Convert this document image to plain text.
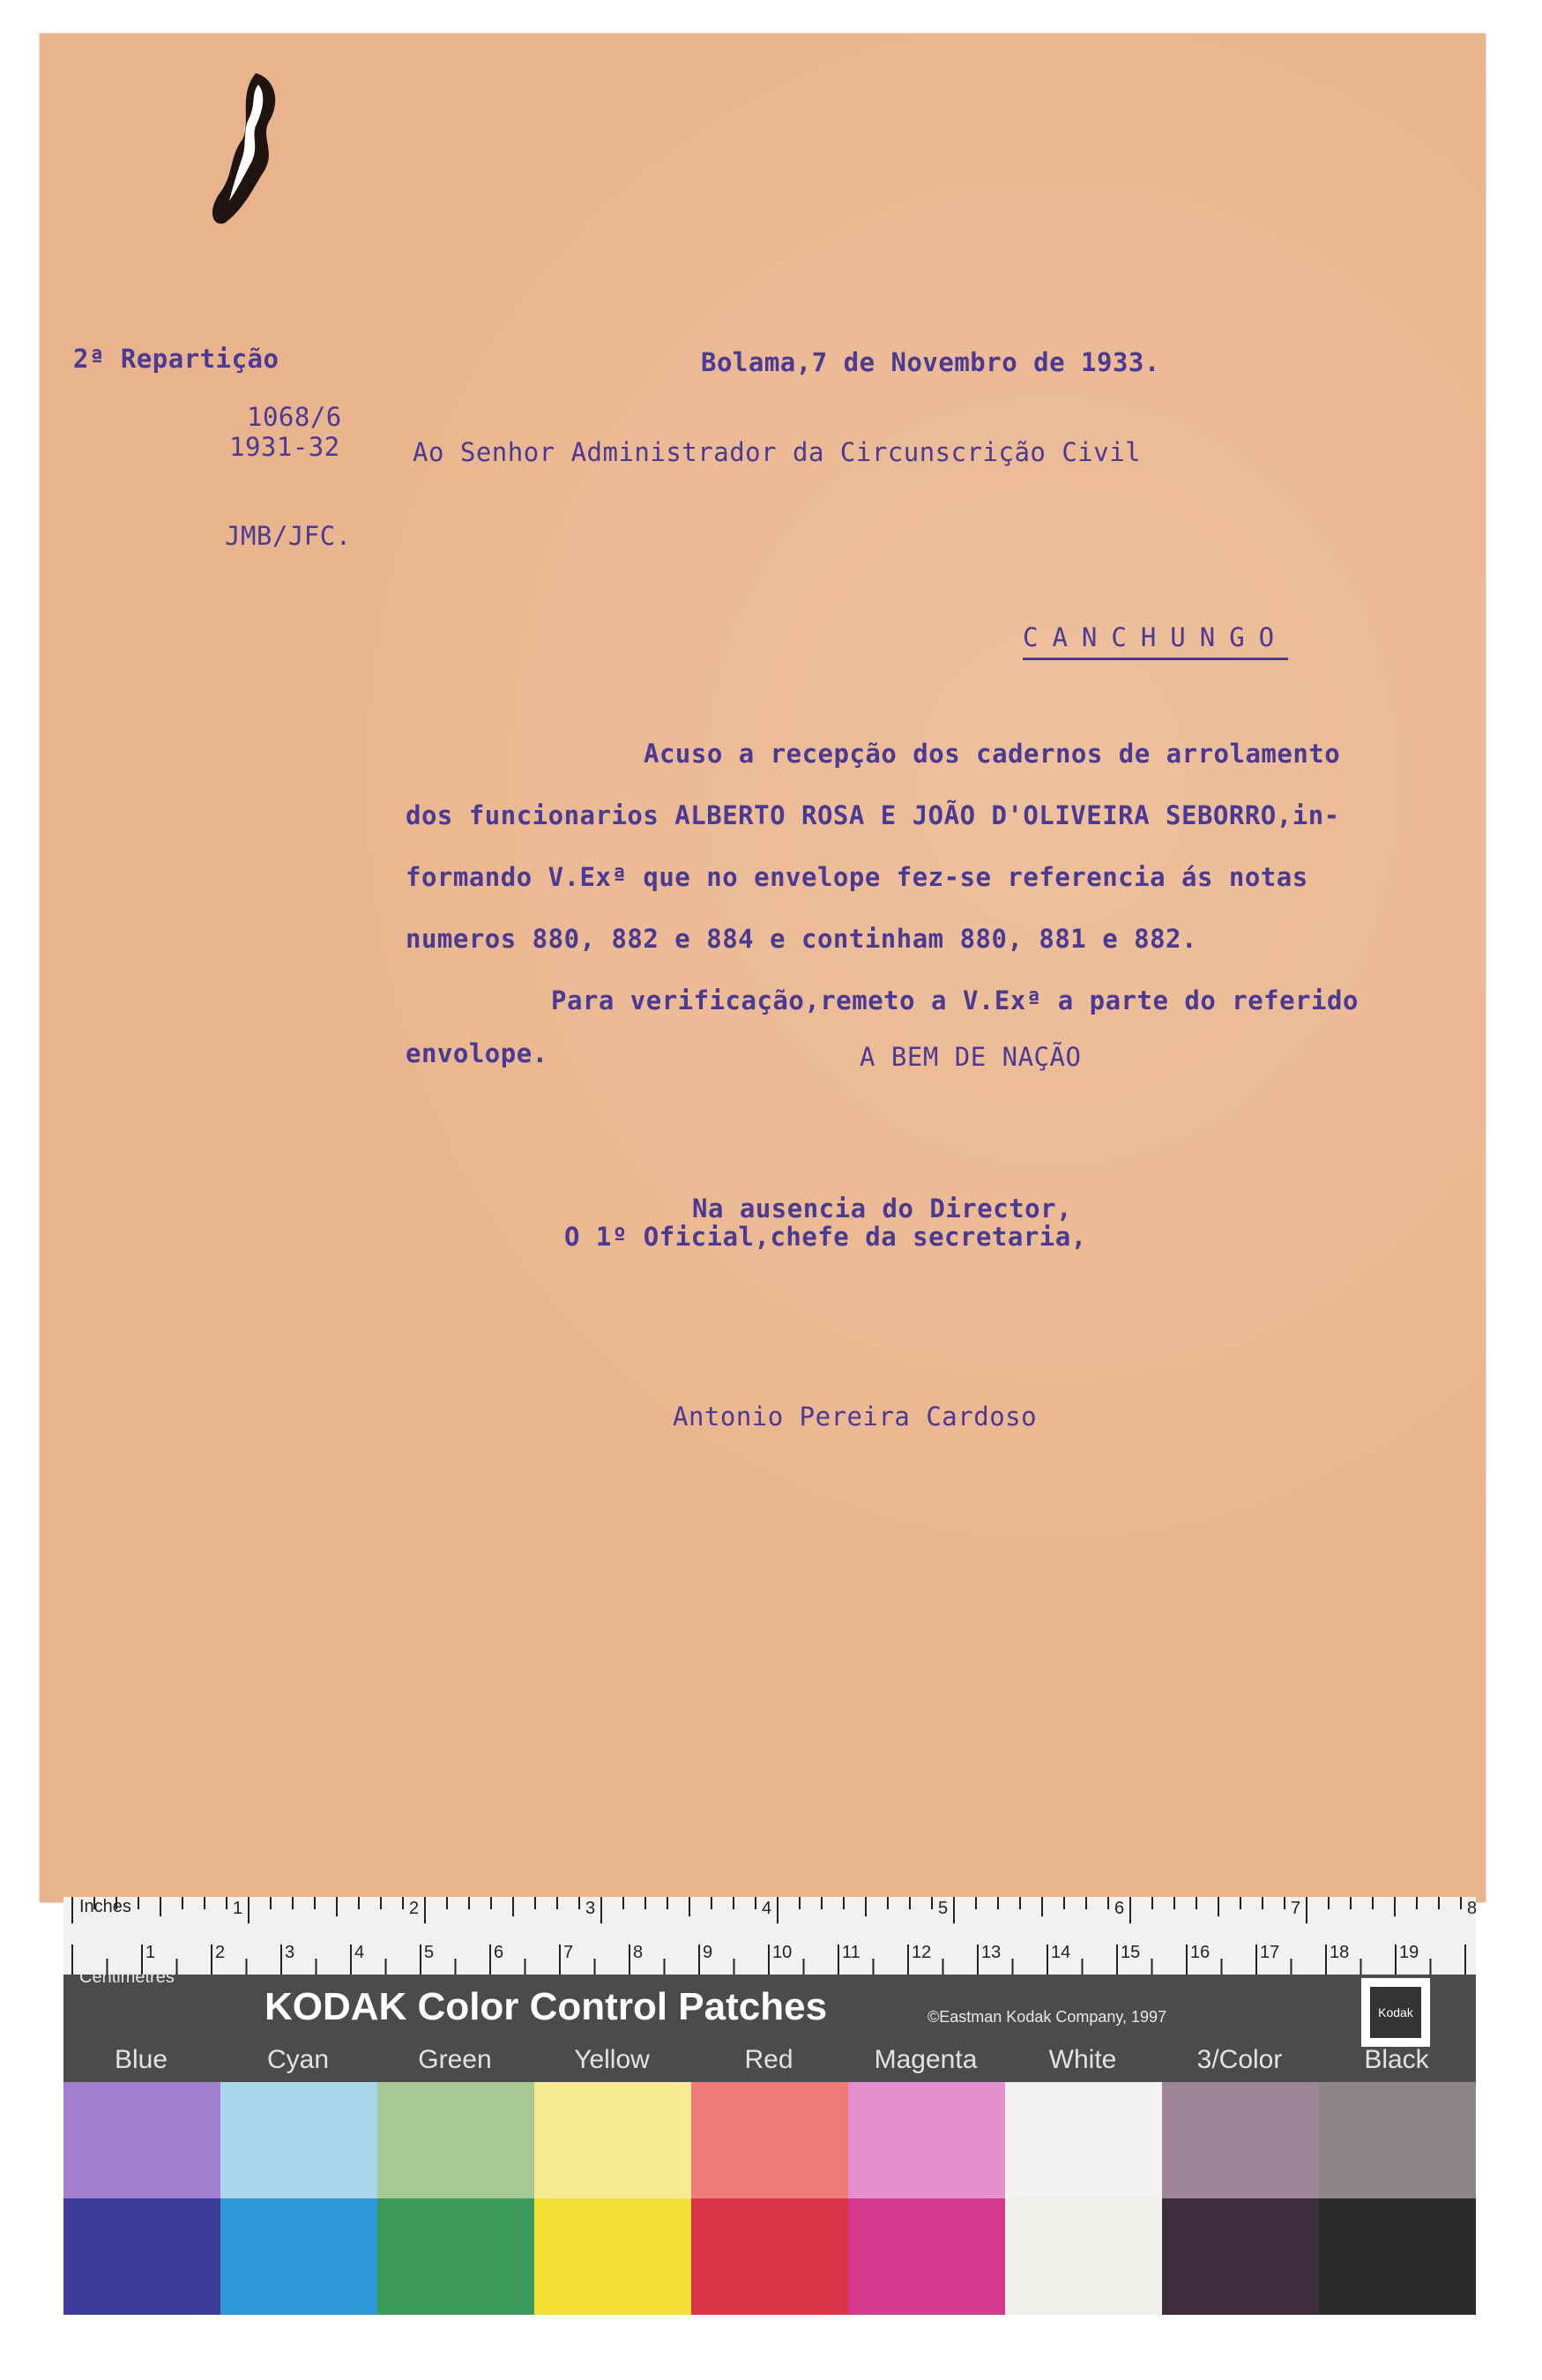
2ª Repartição	Bolama,7 de Novembro de 1933.
1068/6
1931-32	Ao Senhor Administrador da Circunscrição Civil
JMB/JFC.
CANCHUNGO
Acuso a recepção dos cadernos de arrolamento
dos funcionarios ALBERTO ROSA E JOÃO D'OLIVEIRA SEBORRO,in-
formando V.Exª que no envelope fez-se referencia ás notas
numeros 880, 882 e 884 e continham 880, 881 e 882.
Para verificação,remeto a V.Exª a parte do referido
envolope.	A BEM DE NAÇÃO
Na ausencia do Director,
O 1º Oficial,chefe da secretaria,
Antonio Pereira Cardoso
Inches
Centimetres
1	2	3	4	5	6	7	8
1	2	3	4	5	6	7	8	9	10	11	12	13	14	15	16	17	18	19
KODAK Color Control Patches	©Eastman Kodak Company, 1997	Kodak
Blue	Cyan	Green	Yellow	Red	Magenta	White	3/Color	Black
